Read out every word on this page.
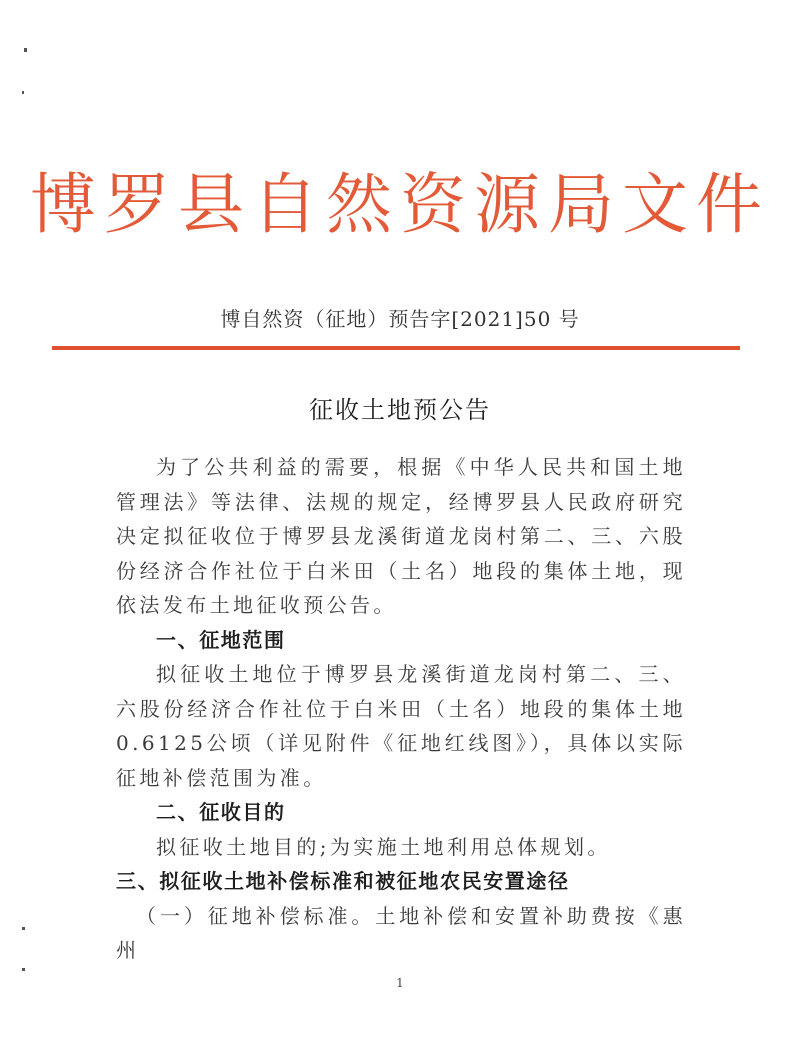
博罗县自然资源局文件
博自然资（征地）预告字[2021]50 号
征收土地预公告

为了公共利益的需要，根据《中华人民共和国土地管理法》等法律、法规的规定，经博罗县人民政府研究决定拟征收位于博罗县龙溪街道龙岗村第二、三、六股份经济合作社位于白米田（土名）地段的集体土地，现依法发布土地征收预公告。

一、征地范围

拟征收土地位于博罗县龙溪街道龙岗村第二、三、六股份经济合作社位于白米田（土名）地段的集体土地0.6125公顷（详见附件《征地红线图》），具体以实际征地补偿范围为准。

二、征收目的

拟征收土地目的;为实施土地利用总体规划。

三、拟征收土地补偿标准和被征地农民安置途径

（一）征地补偿标准。土地补偿和安置补助费按《惠州

1
